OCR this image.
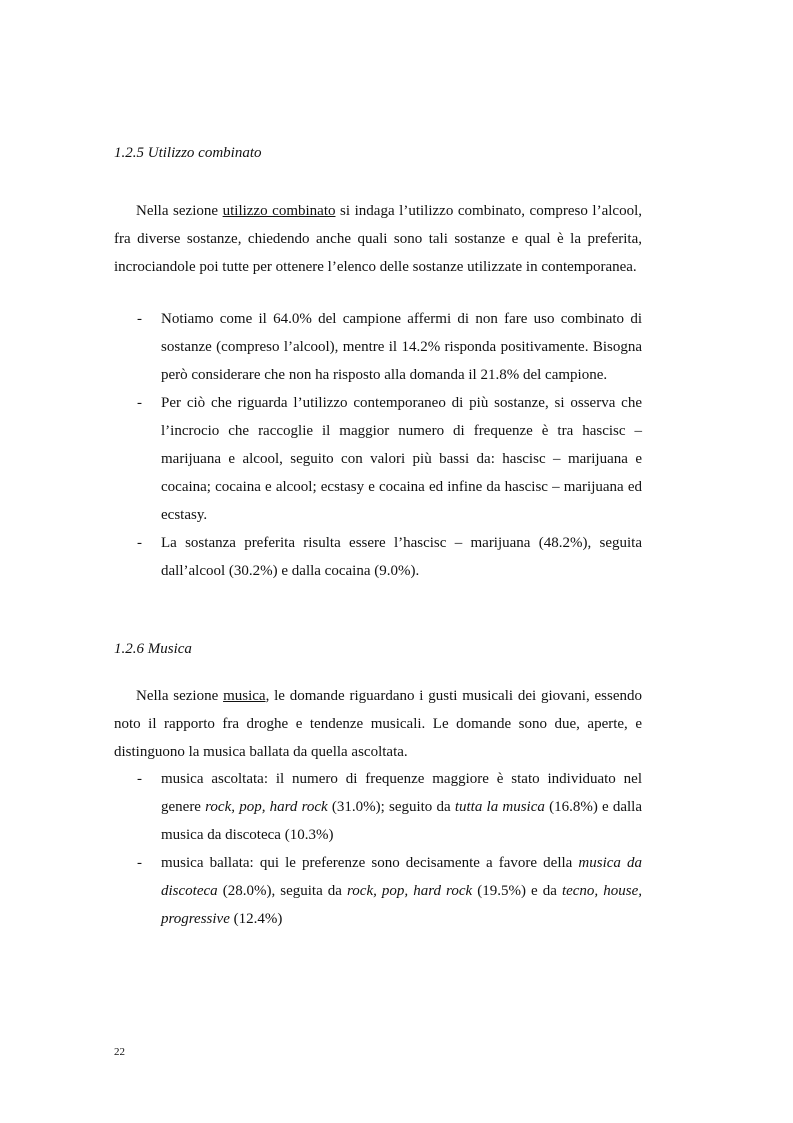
1.2.5 Utilizzo combinato

Nella sezione utilizzo combinato si indaga l’utilizzo combinato, compreso l’alcool, fra diverse sostanze, chiedendo anche quali sono tali sostanze e qual è la preferita, incrociandole poi tutte per ottenere l’elenco delle sostanze utilizzate in contemporanea.

- Notiamo come il 64.0% del campione affermi di non fare uso combinato di sostanze (compreso l’alcool), mentre il 14.2% risponda positivamente. Bisogna però considerare che non ha risposto alla domanda il 21.8% del campione.
- Per ciò che riguarda l’utilizzo contemporaneo di più sostanze, si osserva che l’incrocio che raccoglie il maggior numero di frequenze è tra hascisc – marijuana e alcool, seguito con valori più bassi da: hascisc – marijuana e cocaina; cocaina e alcool; ecstasy e cocaina ed infine da hascisc – marijuana ed ecstasy.
- La sostanza preferita risulta essere l’hascisc – marijuana (48.2%), seguita dall’alcool (30.2%) e dalla cocaina (9.0%).
1.2.6 Musica

Nella sezione musica, le domande riguardano i gusti musicali dei giovani, essendo noto il rapporto fra droghe e tendenze musicali. Le domande sono due, aperte, e distinguono la musica ballata da quella ascoltata.

- musica ascoltata: il numero di frequenze maggiore è stato individuato nel genere rock, pop, hard rock (31.0%); seguito da tutta la musica (16.8%) e dalla musica da discoteca (10.3%)
- musica ballata: qui le preferenze sono decisamente a favore della musica da discoteca (28.0%), seguita da rock, pop, hard rock (19.5%) e da tecno, house, progressive (12.4%)
22
